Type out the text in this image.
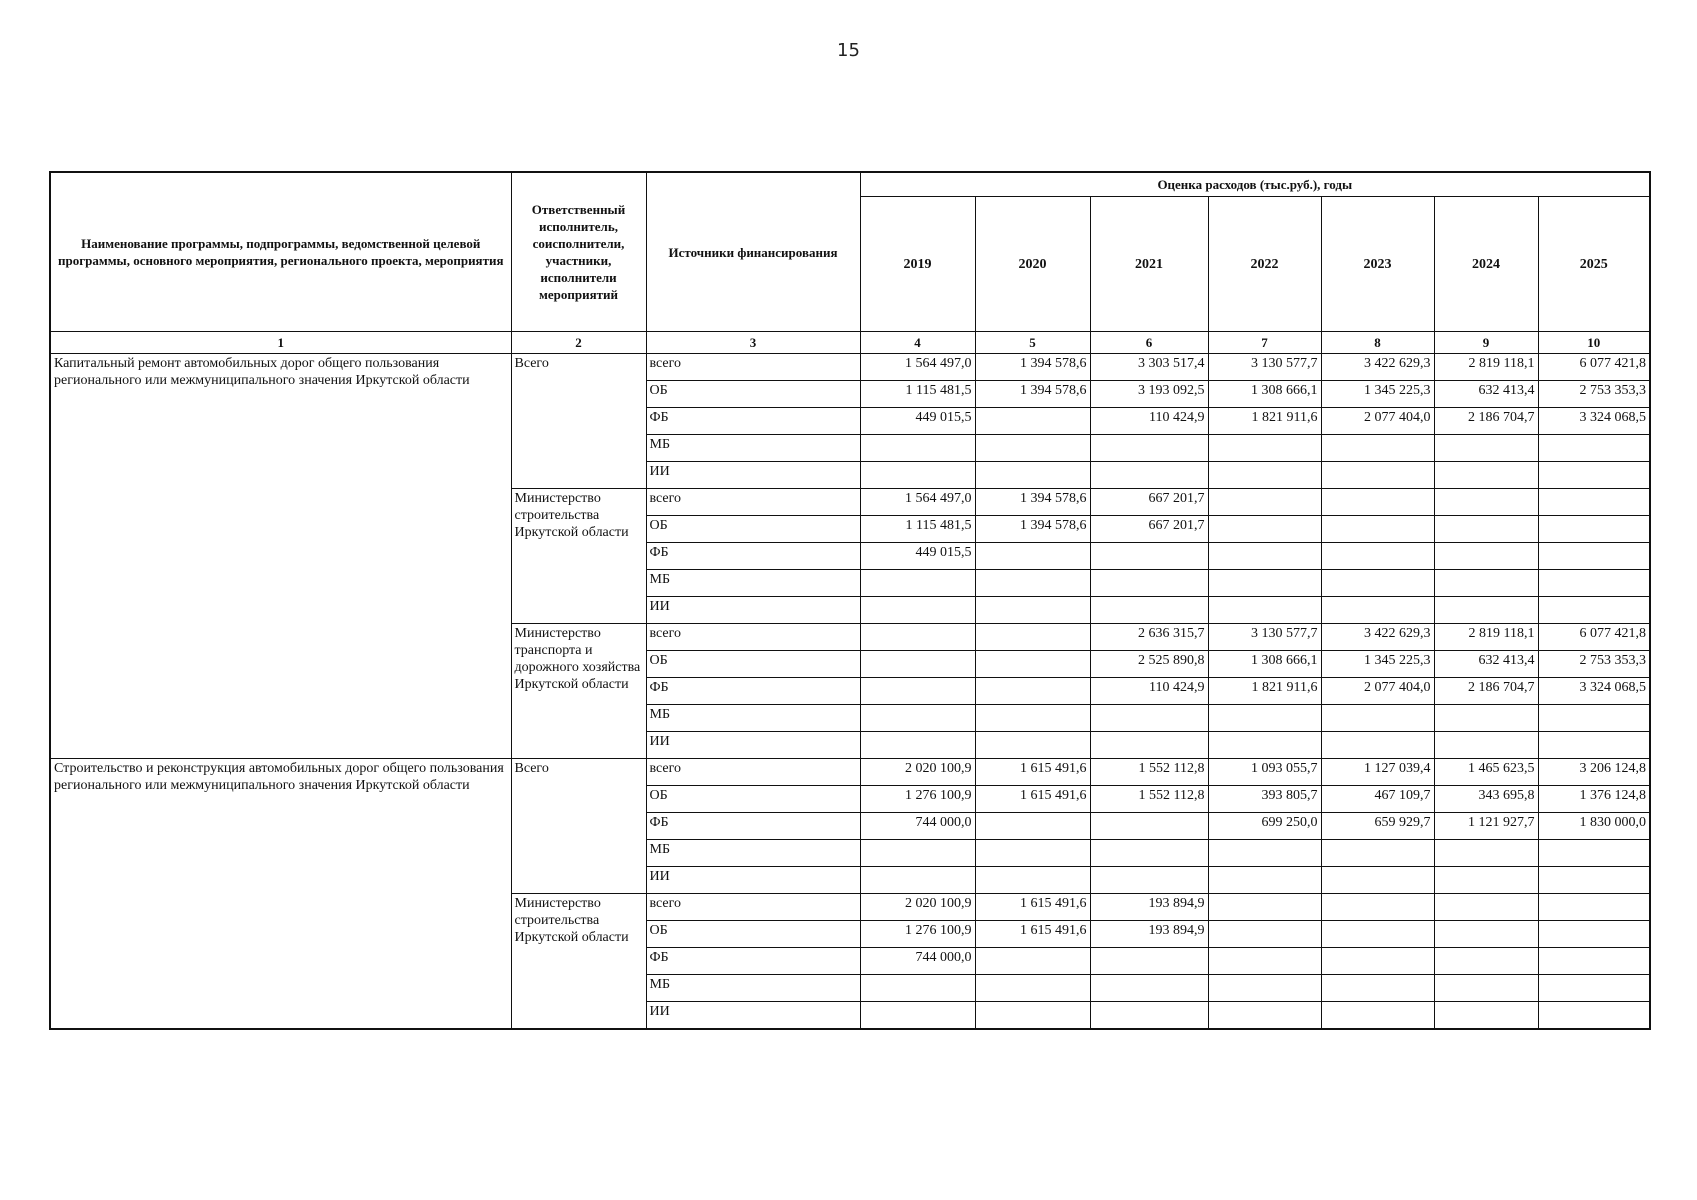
15
Наименование программы, подпрограммы, ведомственной целевой программы, основного мероприятия, регионального проекта, мероприятия	Ответственный исполнитель, соисполнители, участники, исполнители мероприятий	Источники финансирования	Оценка расходов (тыс.руб.), годы						
			2019	2020	2021	2022	2023	2024	2025
1	2	3	4	5	6	7	8	9	10
Капитальный ремонт автомобильных дорог общего пользования регионального или межмуниципального значения Иркутской области	Всего	всего	1 564 497,0	1 394 578,6	3 303 517,4	3 130 577,7	3 422 629,3	2 819 118,1	6 077 421,8
		ОБ	1 115 481,5	1 394 578,6	3 193 092,5	1 308 666,1	1 345 225,3	632 413,4	2 753 353,3
		ФБ	449 015,5		110 424,9	1 821 911,6	2 077 404,0	2 186 704,7	3 324 068,5
		МБ							
		ИИ							
	Министерство строительства Иркутской области	всего	1 564 497,0	1 394 578,6	667 201,7				
		ОБ	1 115 481,5	1 394 578,6	667 201,7				
		ФБ	449 015,5						
		МБ							
		ИИ							
	Министерство транспорта и дорожного хозяйства Иркутской области	всего			2 636 315,7	3 130 577,7	3 422 629,3	2 819 118,1	6 077 421,8
		ОБ			2 525 890,8	1 308 666,1	1 345 225,3	632 413,4	2 753 353,3
		ФБ			110 424,9	1 821 911,6	2 077 404,0	2 186 704,7	3 324 068,5
		МБ							
		ИИ							
Строительство и реконструкция автомобильных дорог общего пользования регионального или межмуниципального значения Иркутской области	Всего	всего	2 020 100,9	1 615 491,6	1 552 112,8	1 093 055,7	1 127 039,4	1 465 623,5	3 206 124,8
		ОБ	1 276 100,9	1 615 491,6	1 552 112,8	393 805,7	467 109,7	343 695,8	1 376 124,8
		ФБ	744 000,0			699 250,0	659 929,7	1 121 927,7	1 830 000,0
		МБ							
		ИИ							
	Министерство строительства Иркутской области	всего	2 020 100,9	1 615 491,6	193 894,9				
		ОБ	1 276 100,9	1 615 491,6	193 894,9				
		ФБ	744 000,0						
		МБ							
		ИИ							
